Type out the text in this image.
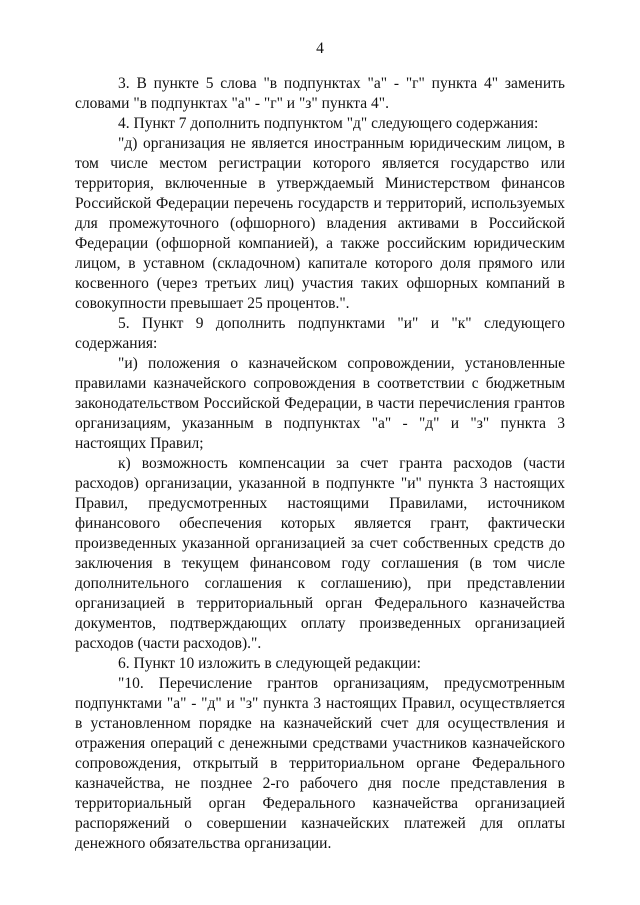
4

3. В пункте 5 слова "в подпунктах "а" - "г" пункта 4" заменить словами "в подпунктах "а" - "г" и "з" пункта 4".

4. Пункт 7 дополнить подпунктом "д" следующего содержания:

"д) организация не является иностранным юридическим лицом, в том числе местом регистрации которого является государство или территория, включенные в утверждаемый Министерством финансов Российской Федерации перечень государств и территорий, используемых для промежуточного (офшорного) владения активами в Российской Федерации (офшорной компанией), а также российским юридическим лицом, в уставном (складочном) капитале которого доля прямого или косвенного (через третьих лиц) участия таких офшорных компаний в совокупности превышает 25 процентов.".

5. Пункт 9 дополнить подпунктами "и" и "к" следующего содержания:

"и) положения о казначейском сопровождении, установленные правилами казначейского сопровождения в соответствии с бюджетным законодательством Российской Федерации, в части перечисления грантов организациям, указанным в подпунктах "а" - "д" и "з" пункта 3 настоящих Правил;

к) возможность компенсации за счет гранта расходов (части расходов) организации, указанной в подпункте "и" пункта 3 настоящих Правил, предусмотренных настоящими Правилами, источником финансового обеспечения которых является грант, фактически произведенных указанной организацией за счет собственных средств до заключения в текущем финансовом году соглашения (в том числе дополнительного соглашения к соглашению), при представлении организацией в территориальный орган Федерального казначейства документов, подтверждающих оплату произведенных организацией расходов (части расходов).".

6. Пункт 10 изложить в следующей редакции:

"10. Перечисление грантов организациям, предусмотренным подпунктами "а" - "д" и "з" пункта 3 настоящих Правил, осуществляется в установленном порядке на казначейский счет для осуществления и отражения операций с денежными средствами участников казначейского сопровождения, открытый в территориальном органе Федерального казначейства, не позднее 2-го рабочего дня после представления в территориальный орган Федерального казначейства организацией распоряжений о совершении казначейских платежей для оплаты денежного обязательства организации.
